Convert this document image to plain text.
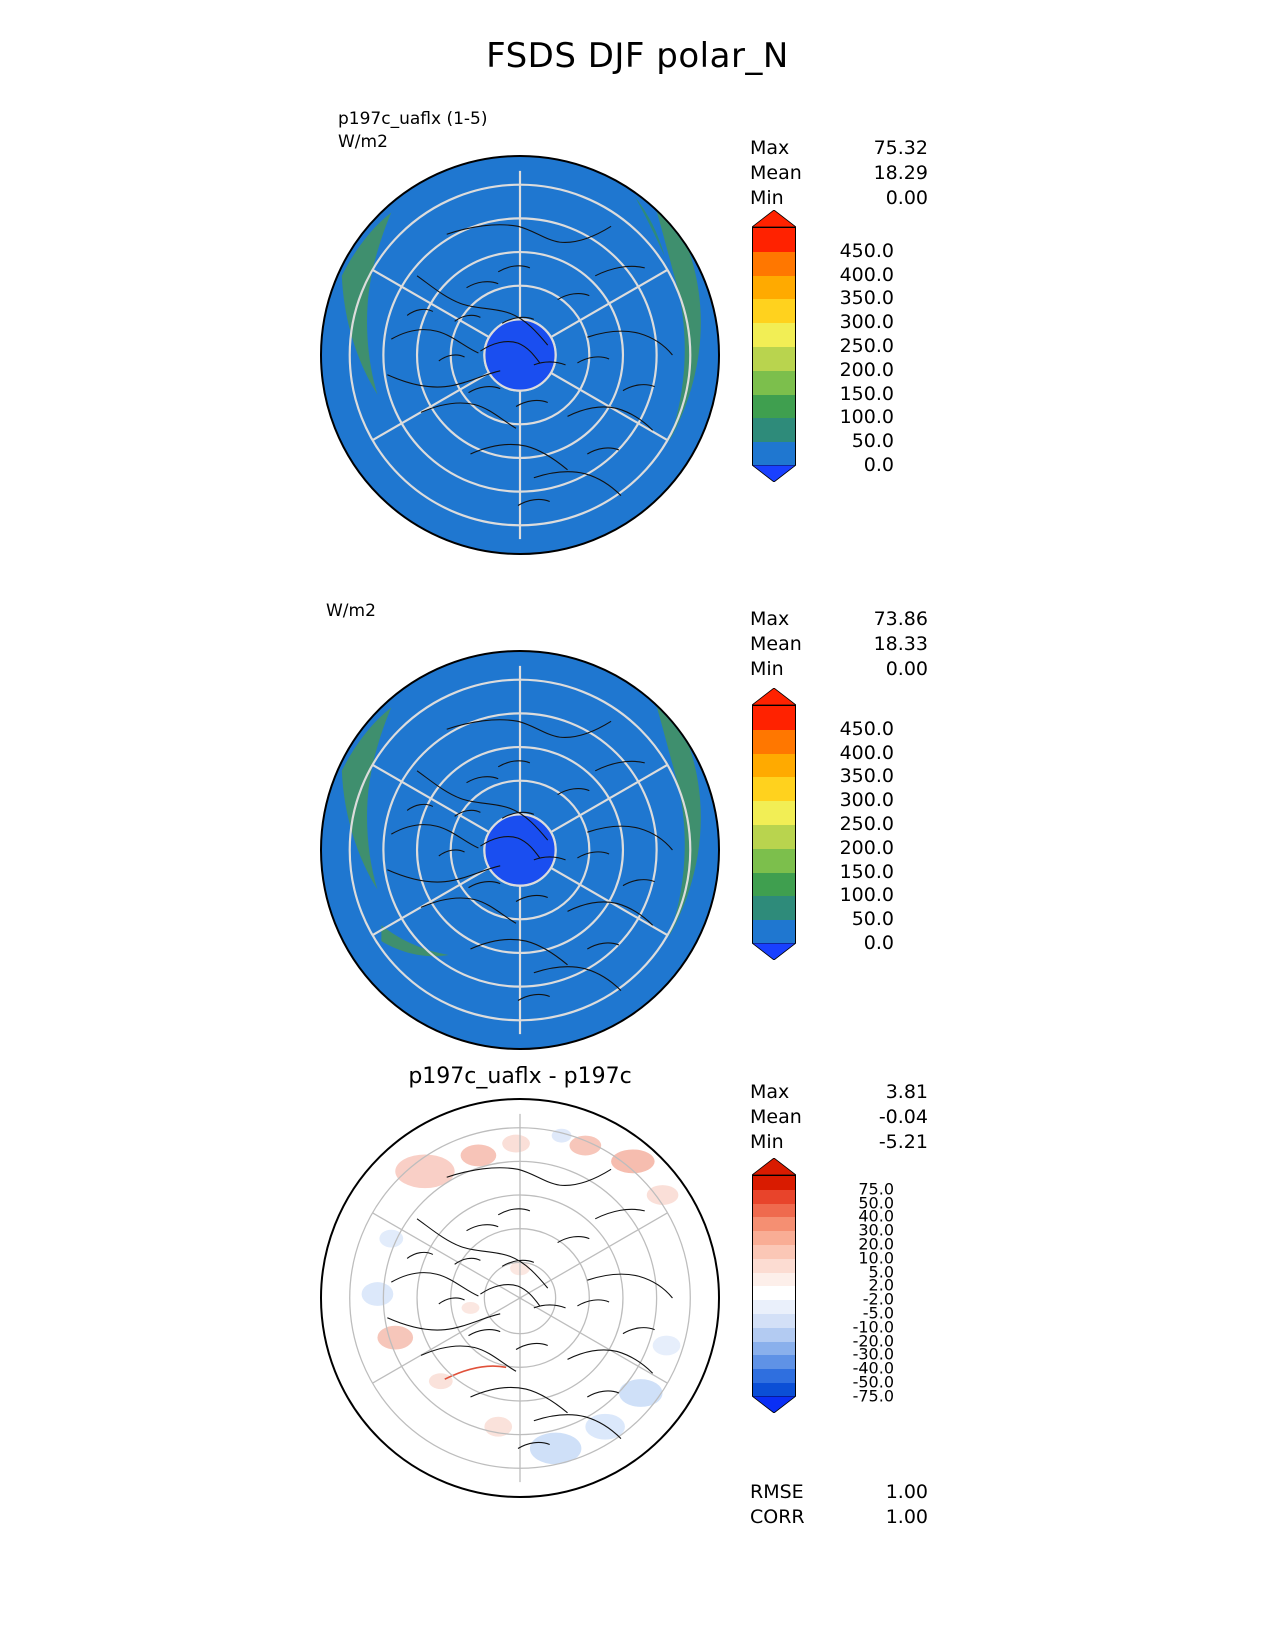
FSDS DJF polar_N
p197c_uaflx (1-5)
W/m2	Max	75.32
Mean	18.29
Min	0.00
450.0
400.0
350.0
300.0
250.0
200.0
150.0
100.0
50.0
0.0
W/m2	Max	73.86
Mean	18.33
Min	0.00
450.0
400.0
350.0
300.0
250.0
200.0
150.0
100.0
50.0
0.0
p197c_uaflx - p197c
Max	3.81
Mean	-0.04
Min	-5.21
75.0
50.0
40.0
30.0
20.0
10.0
5.0
2.0
-2.0
-5.0
-10.0
-20.0
-30.0
-40.0
-50.0
-75.0
RMSE	1.00
CORR	1.00
